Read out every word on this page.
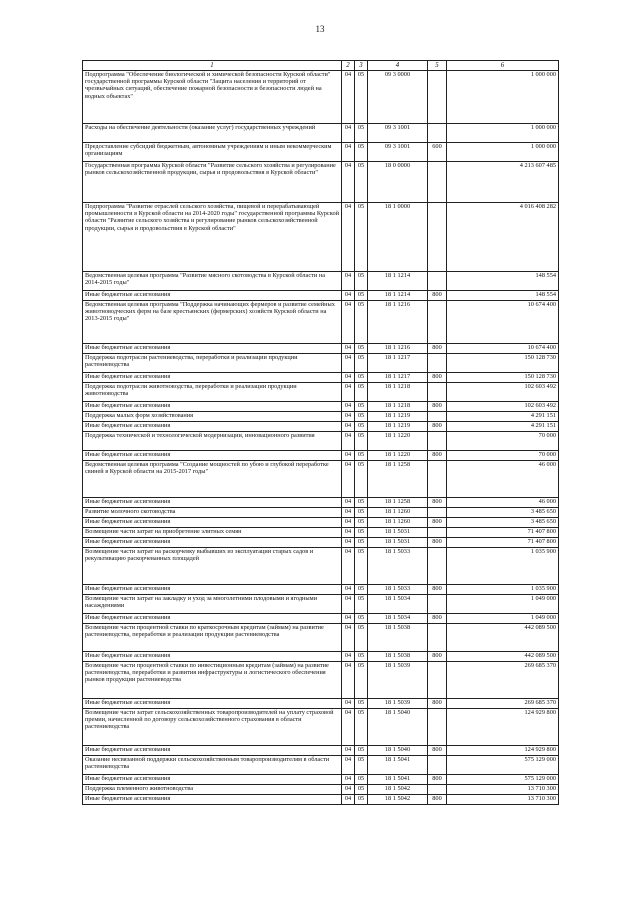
13
1	2	3	4	5	6
Подпрограмма "Обеспечение биологической и химической безопасности Курской области" государственной программы Курской области "Защита населения и территорий от чрезвычайных ситуаций, обеспечение пожарной безопасности и безопасности людей на водных объектах"	04	05	09 3 0000		1 000 000
Расходы на обеспечение деятельности (оказание услуг) государственных учреждений	04	05	09 3 1001		1 000 000
Предоставление субсидий бюджетным, автономным учреждениям и иным некоммерческим организациям	04	05	09 3 1001	600	1 000 000
Государственная программа Курской области "Развитие сельского хозяйства и регулирование рынков сельскохозяйственной продукции, сырья и продовольствия в Курской области"	04	05	18 0 0000		4 213 607 485
Подпрограмма "Развитие отраслей сельского хозяйства, пищевой и перерабатывающей промышленности в Курской области на 2014-2020 годы" государственной программы Курской области "Развитие сельского хозяйства и регулирование рынков сельскохозяйственной продукции, сырья и продовольствия в Курской области"	04	05	18 1 0000		4 016 408 282
Ведомственная целевая программа "Развитие мясного скотоводства в Курской области на 2014-2015 годы"	04	05	18 1 1214		148 554
Иные бюджетные ассигнования	04	05	18 1 1214	800	148 554
Ведомственная целевая программа "Поддержка начинающих фермеров и развитие семейных животноводческих ферм на базе крестьянских (фермерских) хозяйств Курской области на 2013-2015 годы"	04	05	18 1 1216		10 674 400
Иные бюджетные ассигнования	04	05	18 1 1216	800	10 674 400
Поддержка подотрасли растениеводства, переработки и реализации продукции растениеводства	04	05	18 1 1217		150 128 730
Иные бюджетные ассигнования	04	05	18 1 1217	800	150 128 730
Поддержка подотрасли животноводства, переработки и реализации продукции животноводства	04	05	18 1 1218		102 603 492
Иные бюджетные ассигнования	04	05	18 1 1218	800	102 603 492
Поддержка малых форм хозяйствования	04	05	18 1 1219		4 291 151
Иные бюджетные ассигнования	04	05	18 1 1219	800	4 291 151
Поддержка технической и технологической модернизации, инновационного развития	04	05	18 1 1220		70 000
Иные бюджетные ассигнования	04	05	18 1 1220	800	70 000
Ведомственная целевая программа "Создание мощностей по убою и глубокой переработке свиней в Курской области на 2015-2017 годы"	04	05	18 1 1258		46 000
Иные бюджетные ассигнования	04	05	18 1 1258	800	46 000
Развитие молочного скотоводства	04	05	18 1 1260		3 485 650
Иные бюджетные ассигнования	04	05	18 1 1260	800	3 485 650
Возмещение части затрат на приобретение элитных семян	04	05	18 1 5031		71 407 800
Иные бюджетные ассигнования	04	05	18 1 5031	800	71 407 800
Возмещение части затрат на раскорчевку выбывших из эксплуатации старых садов и рекультивацию раскорчеванных площадей	04	05	18 1 5033		1 035 900
Иные бюджетные ассигнования	04	05	18 1 5033	800	1 035 900
Возмещение части затрат на закладку и уход за многолетними плодовыми и ягодными насаждениями	04	05	18 1 5034		1 049 000
Иные бюджетные ассигнования	04	05	18 1 5034	800	1 049 000
Возмещение части процентной ставки по краткосрочным кредитам (займам) на развитие растениеводства, переработки и реализации продукции растениеводства	04	05	18 1 5038		442 089 500
Иные бюджетные ассигнования	04	05	18 1 5038	800	442 089 500
Возмещение части процентной ставки по инвестиционным кредитам (займам) на развитие растениеводства, переработки и развития инфраструктуры и логистического обеспечения рынков продукции растениеводства	04	05	18 1 5039		269 685 370
Иные бюджетные ассигнования	04	05	18 1 5039	800	269 685 370
Возмещение части затрат сельскохозяйственных товаропроизводителей на уплату страховой премии, начисленной по договору сельскохозяйственного страхования в области растениеводства	04	05	18 1 5040		124 929 800
Иные бюджетные ассигнования	04	05	18 1 5040	800	124 929 800
Оказание несвязанной поддержки сельскохозяйственным товаропроизводителям в области растениеводства	04	05	18 1 5041		575 129 000
Иные бюджетные ассигнования	04	05	18 1 5041	800	575 129 000
Поддержка племенного животноводства	04	05	18 1 5042		13 710 300
Иные бюджетные ассигнования	04	05	18 1 5042	800	13 710 300
